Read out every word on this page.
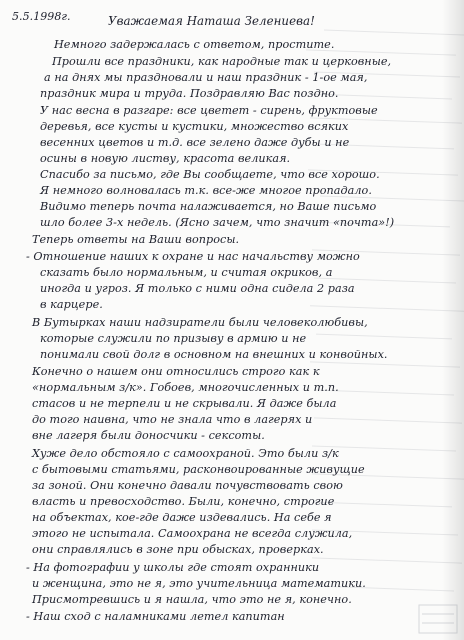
5.5.1998г.	Уважаемая Наташа Зелениева!
Немного задержалась с ответом, простите.
Прошли все праздники, как народные так и церковные,
а на днях мы праздновали и наш праздник - 1-ое мая,
праздник мира и труда. Поздравляю Вас поздно.
У нас весна в разгаре: все цветет - сирень, фруктовые
деревья, все кусты и кустики, множество всяких
весенних цветов и т.д. все зелено даже дубы и не
осины в новую листву, красота великая.
Спасибо за письмо, где Вы сообщаете, что все хорошо.
Я немного волновалась т.к. все-же многое пропадало.
Видимо теперь почта налаживается, но Ваше письмо
шло более 3-х недель. (Ясно зачем, что значит «почта»!)
Теперь ответы на Ваши вопросы.
- Отношение наших к охране и нас начальству можно
сказать было нормальным, и считая окриков, а
иногда и угроз. Я только с ними одна сидела 2 раза
в карцере.
В Бутырках наши надзиратели были человеколюбивы,
которые служили по призыву в армию и не
понимали свой долг в основном на внешних и конвойных.
Конечно о нашем они относились строго как к
«нормальным з/к». Гобоев, многочисленных и т.п.
стасов и не терпели и не скрывали. Я даже была
до того наивна, что не знала что в лагерях и
вне лагеря были доносчики - сексоты.
Хуже дело обстояло с самоохраной. Это были з/к
с бытовыми статьями, расконвоированные живущие
за зоной. Они конечно давали почувствовать свою
власть и превосходство. Были, конечно, строгие
на объектах, кое-где даже издевались. На себе я
этого не испытала. Самоохрана не всегда служила,
они справлялись в зоне при обысках, проверках.
- На фотографии у школы где стоят охранники
и женщина, это не я, это учительница математики.
Присмотревшись и я нашла, что это не я, конечно.
- Наш сход с наламниками летел капитан
